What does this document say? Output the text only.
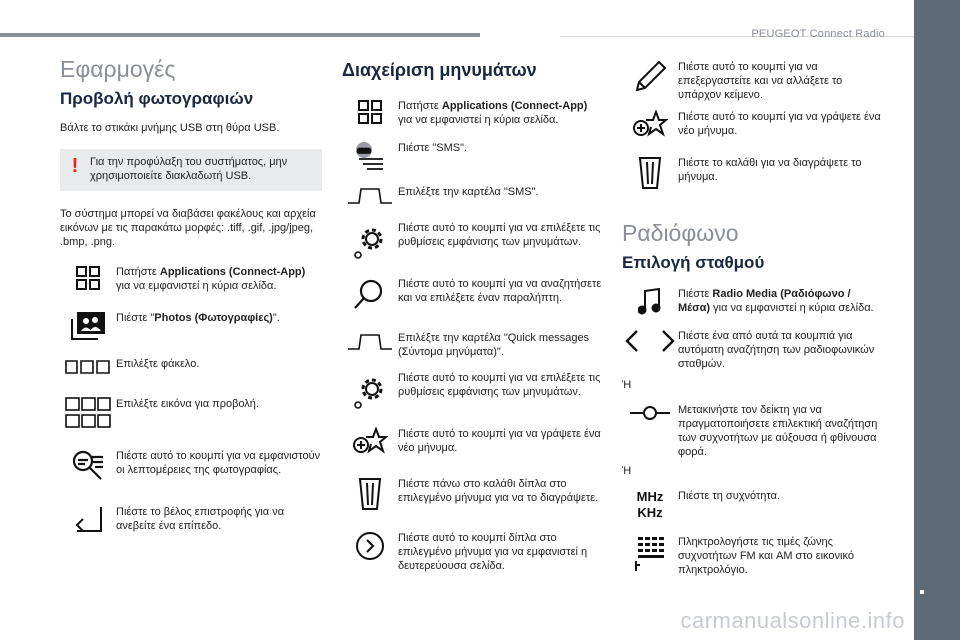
PEUGEOT Connect Radio
carmanualsonline.info
Εφαρμογές
Προβολή φωτογραφιών
Βάλτε το στικάκι μνήμης USB στη θύρα USB.
!	Για την προφύλαξη του συστήματος, μην χρησιμοποιείτε διακλαδωτή USB.
Το σύστημα μπορεί να διαβάσει φακέλους και αρχεία εικόνων με τις παρακάτω μορφές: .tiff, .gif, .jpg/jpeg, .bmp, .png.
Πατήστε Applications (Connect-App) για να εμφανιστεί η κύρια σελίδα.
Πιέστε "Photos (Φωτογραφίες)".
Επιλέξτε φάκελο.
Επιλέξτε εικόνα για προβολή.
Πιέστε αυτό το κουμπί για να εμφανιστούν οι λεπτομέρειες της φωτογραφίας.
Πιέστε το βέλος επιστροφής για να ανεβείτε ένα επίπεδο.
Διαχείριση μηνυμάτων
Πατήστε Applications (Connect-App) για να εμφανιστεί η κύρια σελίδα.
SMS Πιέστε "SMS".
Επιλέξτε την καρτέλα "SMS".
Πιέστε αυτό το κουμπί για να επιλέξετε τις ρυθμίσεις εμφάνισης των μηνυμάτων.
Πιέστε αυτό το κουμπί για να αναζητήσετε και να επιλέξετε έναν παραλήπτη.
Επιλέξτε την καρτέλα "Quick messages (Σύντομα μηνύματα)".
Πιέστε αυτό το κουμπί για να επιλέξετε τις ρυθμίσεις εμφάνισης των μηνυμάτων.
Πιέστε αυτό το κουμπί για να γράψετε ένα νέο μήνυμα.
Πιέστε πάνω στο καλάθι δίπλα στο επιλεγμένο μήνυμα για να το διαγράψετε.
Πιέστε αυτό το κουμπί δίπλα στο επιλεγμένο μήνυμα για να εμφανιστεί η δευτερεύουσα σελίδα.
Πιέστε αυτό το κουμπί για να επεξεργαστείτε και να αλλάξετε το υπάρχον κείμενο.
Πιέστε αυτό το κουμπί για να γράψετε ένα νέο μήνυμα.
Πιέστε το καλάθι για να διαγράψετε το μήνυμα.
Ραδιόφωνο
Επιλογή σταθμού
Πιέστε Radio Media (Ραδιόφωνο / Μέσα) για να εμφανιστεί η κύρια σελίδα.
Πιέστε ένα από αυτά τα κουμπιά για αυτόματη αναζήτηση των ραδιοφωνικών σταθμών.
Ή
Μετακινήστε τον δείκτη για να πραγματοποιήσετε επιλεκτική αναζήτηση των συχνοτήτων με αύξουσα ή φθίνουσα φορά.
Ή
MHz
KHz
Πιέστε τη συχνότητα.
Πληκτρολογήστε τις τιμές ζώνης συχνοτήτων FM και AM στο εικονικό πληκτρολόγιο.
